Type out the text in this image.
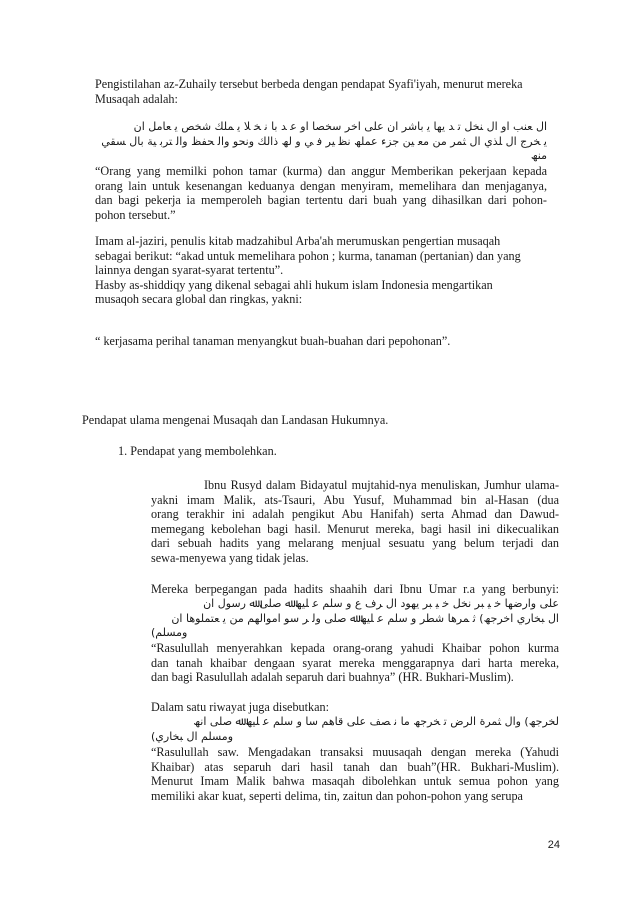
Pengistilahan az-Zuhaily tersebut berbeda dengan pendapat Syafi'iyah, menurut mereka
Musaqah adalah:
ال ﻌﻨﺐ او ال ﻨﺨﻞ ﺗ ﺪ ﯾﮭﺎ ﯾ ﺑﺎﺷﺮ ان ﻋﻠﻰ ﺍﺧﺮ ﺳﺨﺼﺎ ﺍﻭ ﻋ ﺪ ﺑﺎ ﻧ ﺨ ﻼ ﯾ ﻤﻠﻚ ﺷﺨﺺ ﯾ ﻌﺎﻣﻞ ان
ﯾ ﺨﺮج ال ﻠﺬي ال ﺜﻤﺮ ﻣﻦ ﻣﻌ ﯿﻦ ﺟﺰء ﻋﻤﻠﮫ ﻧﻈ ﯿﺮ ﻓ ﻲ ﻭ ﻟﮫ ﺫﺍﻟﻚ ﻭﻧﺤﻮ ﻭﺍﻟ ﺤﻔﻆ ﻭﺍﻟ ﺘﺮﺑ ﯿﺔ ﺑﺎل ﺴﻘﻲ
ﻣﻨﮫ
“Orang yang memilki pohon tamar (kurma) dan anggur Memberikan pekerjaan kepada
orang lain untuk kesenangan keduanya dengan menyiram, memelihara dan menjaganya,
dan bagi pekerja ia memperoleh bagian tertentu dari buah yang dihasilkan dari pohon-
pohon tersebut.”
Imam al-jaziri, penulis kitab madzahibul Arba'ah merumuskan pengertian musaqah
sebagai berikut: “akad untuk memelihara pohon ; kurma, tanaman (pertanian) dan yang
lainnya dengan syarat-syarat tertentu”.
Hasby as-shiddiqy yang dikenal sebagai ahli hukum islam Indonesia mengartikan
musaqoh secara global dan ringkas, yakni:
“ kerjasama perihal tanaman menyangkut buah-buahan dari pepohonan”.
Pendapat ulama mengenai Musaqah dan Landasan Hukumnya.
1. Pendapat yang membolehkan.
Ibnu Rusyd dalam Bidayatul mujtahid-nya menuliskan, Jumhur ulama-
yakni imam Malik, ats-Tsauri, Abu Yusuf, Muhammad bin al-Hasan (dua
orang terakhir ini adalah pengikut Abu Hanifah) serta Ahmad dan Dawud-
memegang kebolehan bagi hasil. Menurut mereka, bagi hasil ini dikecualikan
dari sebuah hadits yang melarang menjual sesuatu yang belum terjadi dan
sewa-menyewa yang tidak jelas.
Mereka berpegangan pada hadits shaahih dari Ibnu Umar r.a yang berbunyi:
ﻋﻠﻰ ﻭﺍﺭﺿﮭﺎ ﺧ ﯿ ﺒﺮ ﻧﺨﻞ ﺧ ﯿ ﺒﺮ ﯾﮭﻮﺩ ال ﺮﻑ ﻉ ﻭ ﺳﻠﻢ ﻋ ﻠﯿﮫ ﷲ ﺻﻠﻰ ﷲ ﺭﺳﻮل ﺍﻥ
ال ﺒﺨﺎﺭي ﺍﺧﺮﺟﮫ) ﺛ ﻤﺮﮬﺎ ﺷﻄﺮ ﻭ ﺳﻠﻢ ﻋ ﻠﯿﮫ ﷲ ﺻﻠﻰ ﻭﻟ ﺮ ﺳﻮ ﺍﻣﻮﺍﻟﮭﻢ ﻣﻦ ﯾ ﻌﺘﻤﻠﻮﮬﺎ ﺍﻥ
(ﻭﻣﺴﻠﻢ
“Rasulullah menyerahkan kepada orang-orang yahudi Khaibar pohon kurma
dan tanah khaibar dengaan syarat mereka menggarapnya dari harta mereka,
dan bagi Rasulullah adalah separuh dari buahnya” (HR. Bukhari-Muslim).
Dalam satu riwayat juga disebutkan:
ﻟﺨﺮﺟﮫ) ﻭﺍل ﺜﻤﺮﺓ ﺍﻟﺮﺽ ﺗ ﺨﺮﺟﮫ ﻣﺎ ﻧ ﺼﻒ ﻋﻠﻰ ﻗﺎﮬﻢ ﺳﺎ ﻭ ﺳﻠﻢ ﻋ ﻠﯿﮫ ﷲ ﺻﻠﻰ ﺍﻧﮫ
(ﻭﻣﺴﻠﻢ ال ﺒﺨﺎﺭي
“Rasulullah saw. Mengadakan transaksi muusaqah dengan mereka (Yahudi
Khaibar) atas separuh dari hasil tanah dan buah”(HR. Bukhari-Muslim).
Menurut Imam Malik bahwa masaqah dibolehkan untuk semua pohon yang
memiliki akar kuat, seperti delima, tin, zaitun dan pohon-pohon yang serupa
24
